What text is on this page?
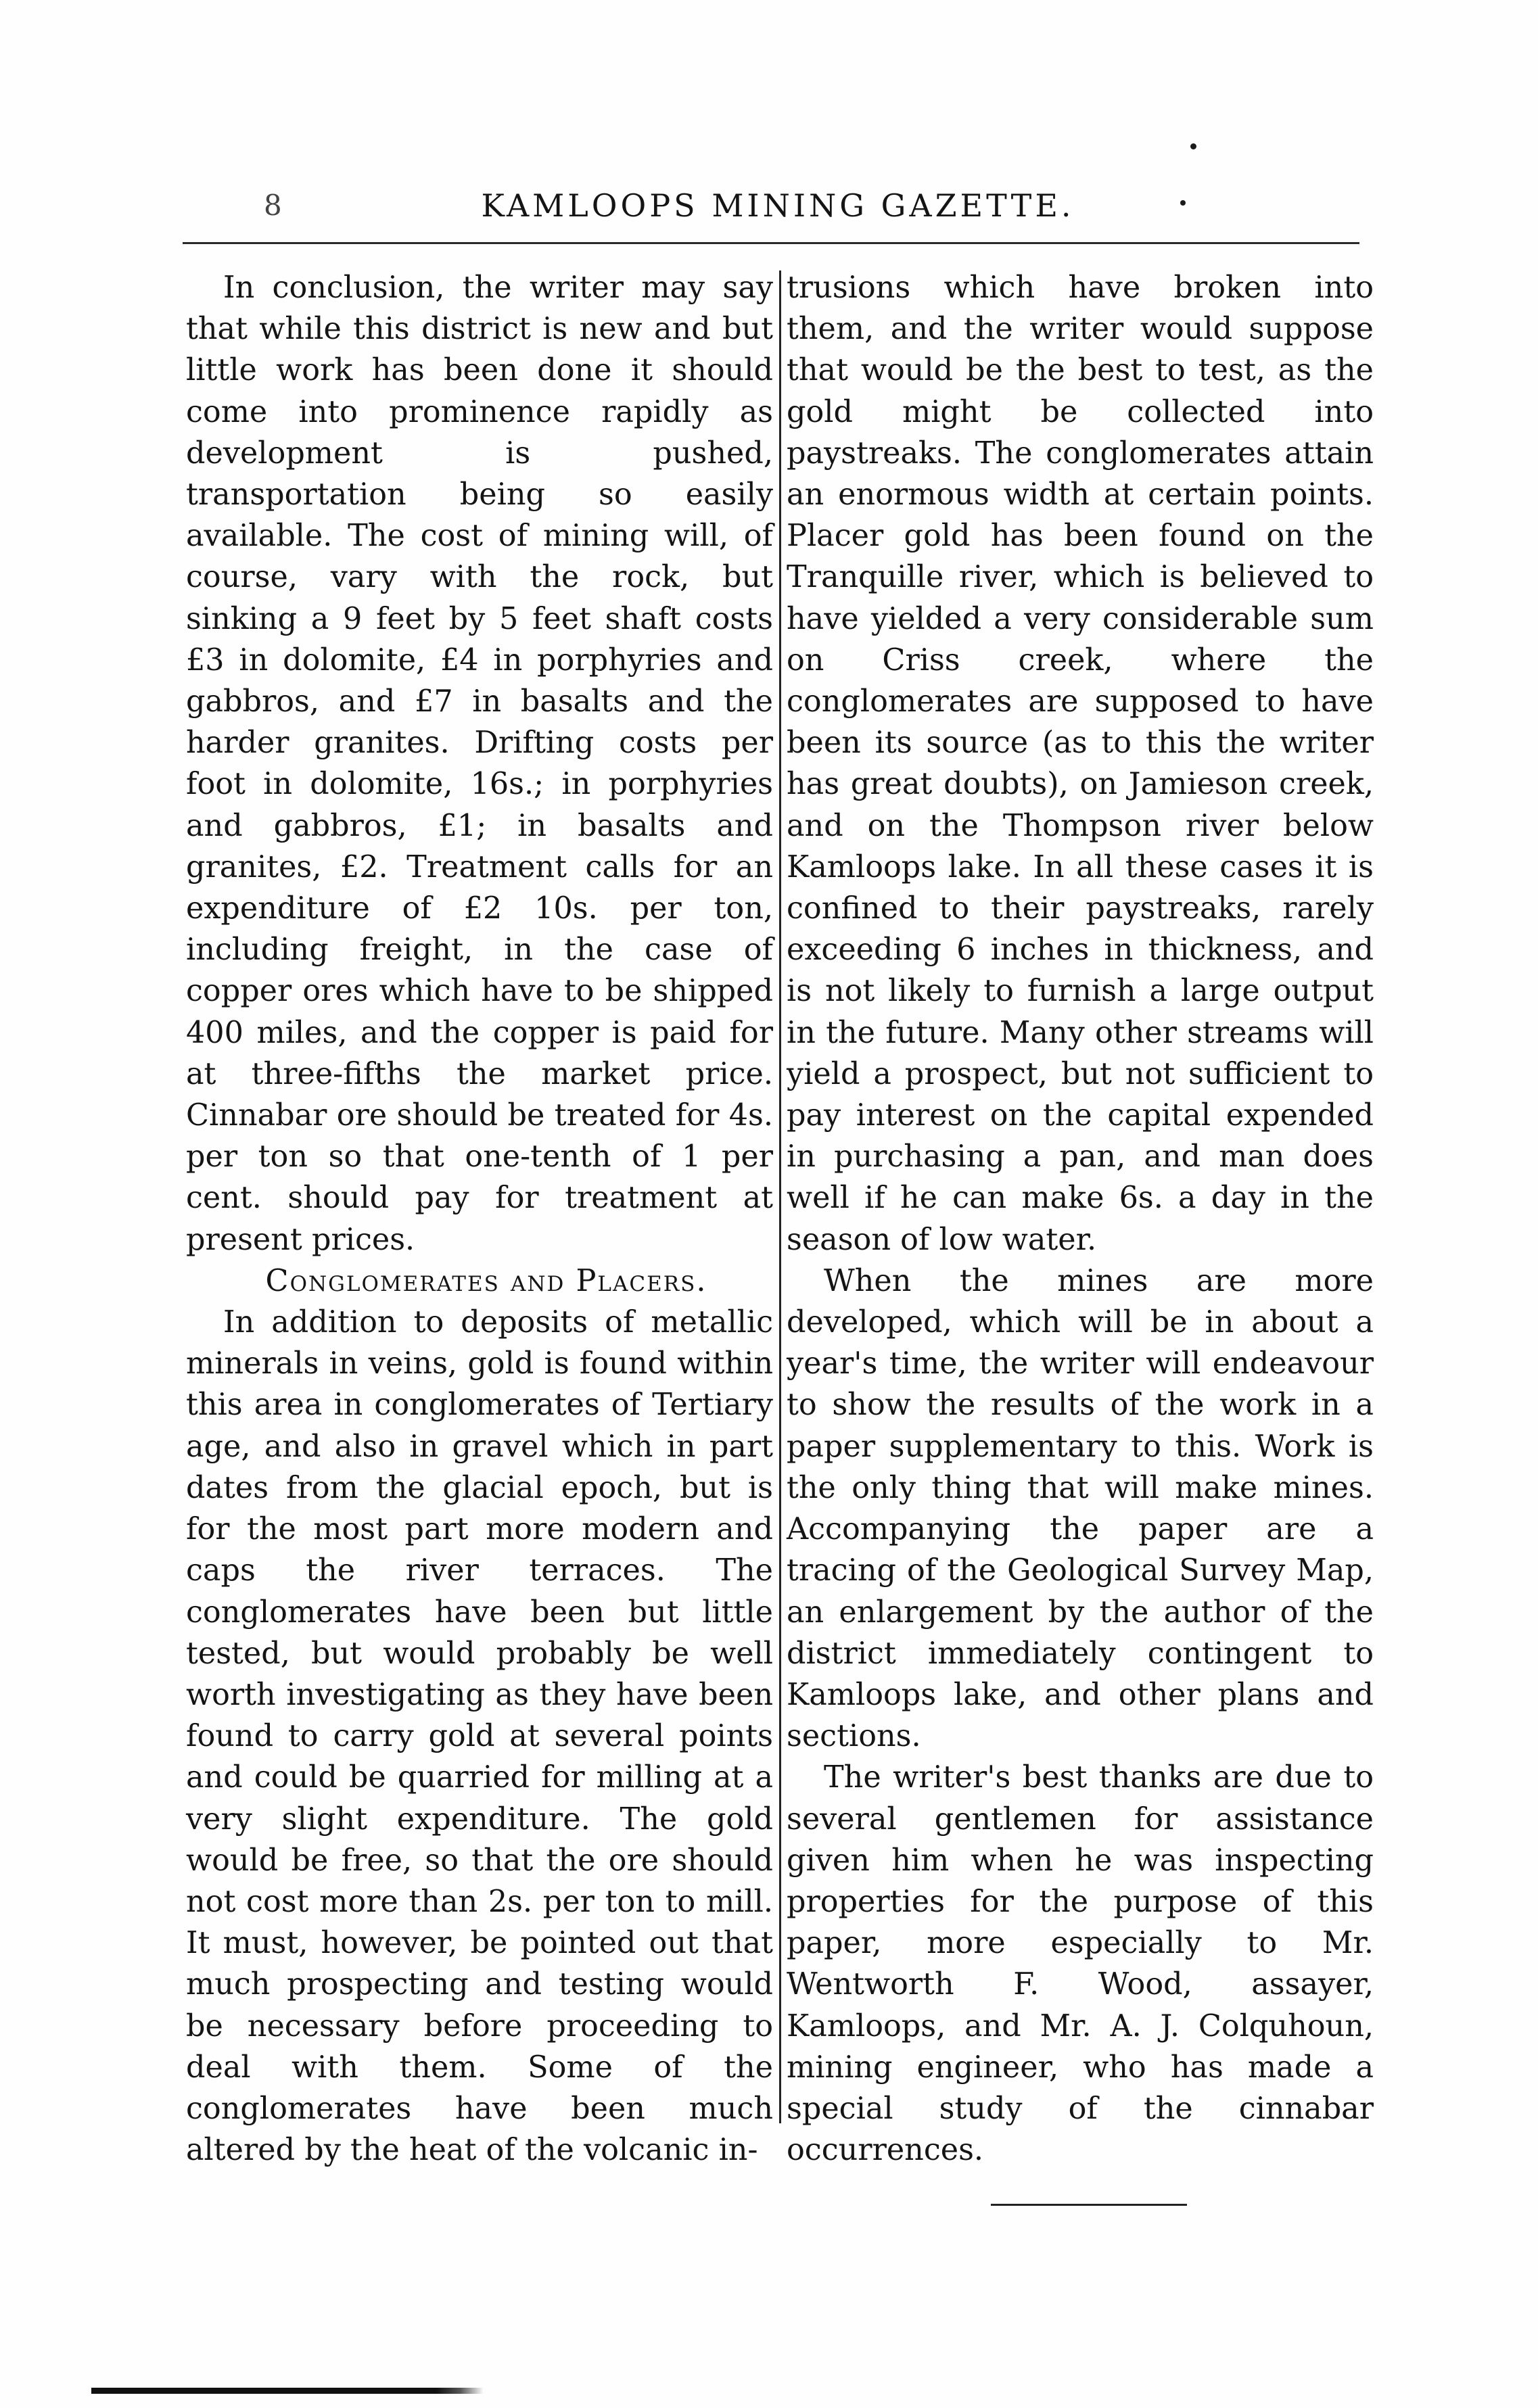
8	KAMLOOPS MINING GAZETTE.

In conclusion, the writer may say that while this district is new and but little work has been done it should come into prominence rapidly as development is pushed, transportation being so easily available. The cost of mining will, of course, vary with the rock, but sinking a 9 feet by 5 feet shaft costs £3 in dolomite, £4 in porphyries and gabbros, and £7 in basalts and the harder granites. Drifting costs per foot in dolomite, 16s.; in porphyries and gabbros, £1; in basalts and granites, £2. Treatment calls for an expenditure of £2 10s. per ton, including freight, in the case of copper ores which have to be shipped 400 miles, and the copper is paid for at three-fifths the market price. Cinnabar ore should be treated for 4s. per ton so that one-tenth of 1 per cent. should pay for treatment at present prices.

Conglomerates and Placers.

In addition to deposits of metallic minerals in veins, gold is found within this area in conglomerates of Tertiary age, and also in gravel which in part dates from the glacial epoch, but is for the most part more modern and caps the river terraces. The conglomerates have been but little tested, but would probably be well worth investigating as they have been found to carry gold at several points and could be quarried for milling at a very slight expenditure. The gold would be free, so that the ore should not cost more than 2s. per ton to mill. It must, however, be pointed out that much prospecting and testing would be necessary before proceeding to deal with them. Some of the conglomerates have been much altered by the heat of the volcanic in-

trusions which have broken into them, and the writer would suppose that would be the best to test, as the gold might be collected into paystreaks. The conglomerates attain an enormous width at certain points. Placer gold has been found on the Tranquille river, which is believed to have yielded a very considerable sum on Criss creek, where the conglomerates are supposed to have been its source (as to this the writer has great doubts), on Jamieson creek, and on the Thompson river below Kamloops lake. In all these cases it is confined to their paystreaks, rarely exceeding 6 inches in thickness, and is not likely to furnish a large output in the future. Many other streams will yield a prospect, but not sufficient to pay interest on the capital expended in purchasing a pan, and man does well if he can make 6s. a day in the season of low water.

When the mines are more developed, which will be in about a year's time, the writer will endeavour to show the results of the work in a paper supplementary to this. Work is the only thing that will make mines. Accompanying the paper are a tracing of the Geological Survey Map, an enlargement by the author of the district immediately contingent to Kamloops lake, and other plans and sections.

The writer's best thanks are due to several gentlemen for assistance given him when he was inspecting properties for the purpose of this paper, more especially to Mr. Wentworth F. Wood, assayer, Kamloops, and Mr. A. J. Colquhoun, mining engineer, who has made a special study of the cinnabar occurrences.
